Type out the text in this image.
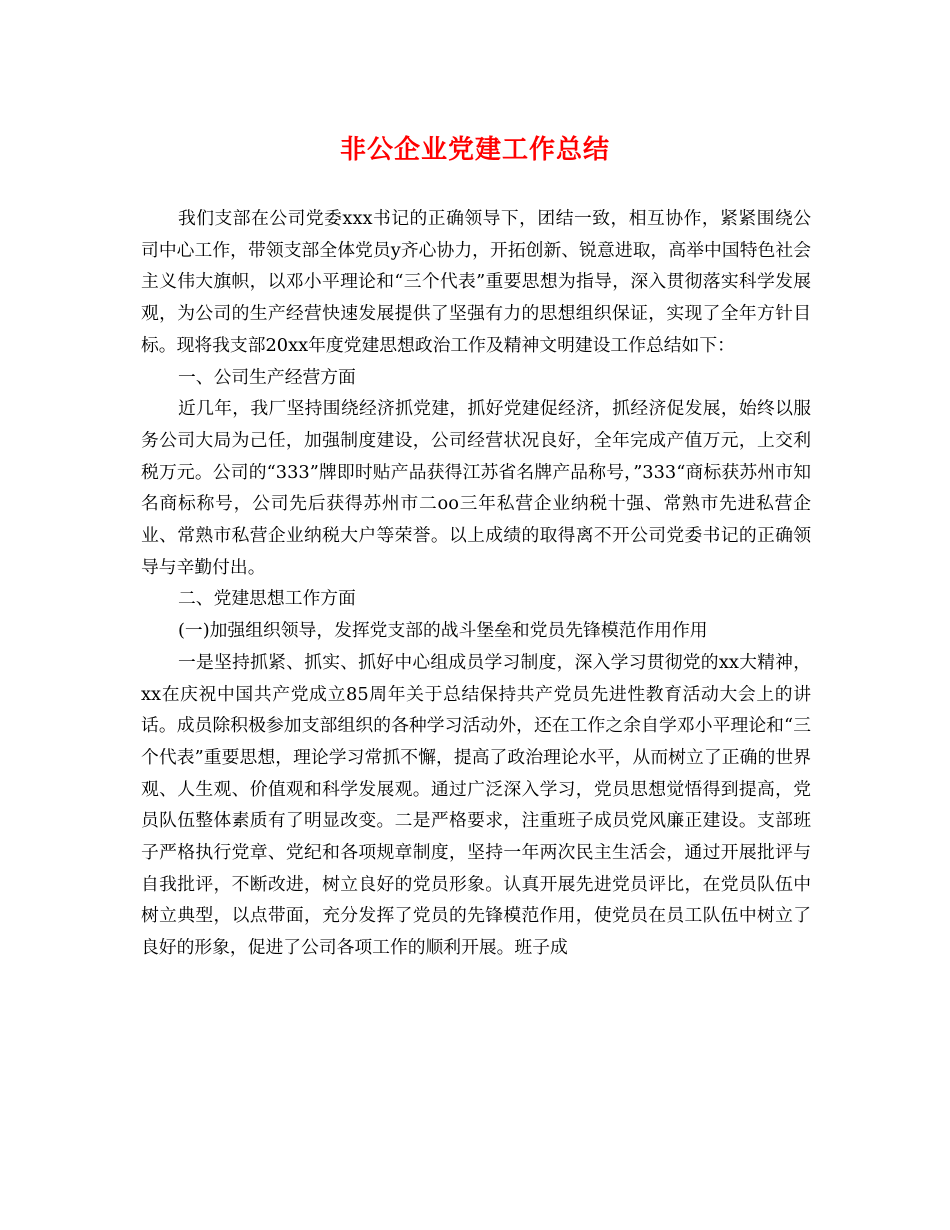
非公企业党建工作总结

我们支部在公司党委xxx书记的正确领导下，团结一致，相互协作，紧紧围绕公司中心工作，带领支部全体党员y齐心协力，开拓创新、锐意进取，高举中国特色社会主义伟大旗帜，以邓小平理论和“三个代表”重要思想为指导，深入贯彻落实科学发展观，为公司的生产经营快速发展提供了坚强有力的思想组织保证，实现了全年方针目标。现将我支部20xx年度党建思想政治工作及精神文明建设工作总结如下：

一、公司生产经营方面

近几年，我厂坚持围绕经济抓党建，抓好党建促经济，抓经济促发展，始终以服务公司大局为己任，加强制度建设，公司经营状况良好，全年完成产值万元，上交利税万元。公司的“333”牌即时贴产品获得江苏省名牌产品称号，”333“商标获苏州市知名商标称号，公司先后获得苏州市二oo三年私营企业纳税十强、常熟市先进私营企业、常熟市私营企业纳税大户等荣誉。以上成绩的取得离不开公司党委书记的正确领导与辛勤付出。

二、党建思想工作方面

(一)加强组织领导，发挥党支部的战斗堡垒和党员先锋模范作用作用

一是坚持抓紧、抓实、抓好中心组成员学习制度，深入学习贯彻党的xx大精神，xx在庆祝中国共产党成立85周年关于总结保持共产党员先进性教育活动大会上的讲话。成员除积极参加支部组织的各种学习活动外，还在工作之余自学邓小平理论和“三个代表”重要思想，理论学习常抓不懈，提高了政治理论水平，从而树立了正确的世界观、人生观、价值观和科学发展观。通过广泛深入学习，党员思想觉悟得到提高，党员队伍整体素质有了明显改变。二是严格要求，注重班子成员党风廉正建设。支部班子严格执行党章、党纪和各项规章制度，坚持一年两次民主生活会，通过开展批评与自我批评，不断改进，树立良好的党员形象。认真开展先进党员评比，在党员队伍中树立典型，以点带面，充分发挥了党员的先锋模范作用，使党员在员工队伍中树立了良好的形象，促进了公司各项工作的顺利开展。班子成
